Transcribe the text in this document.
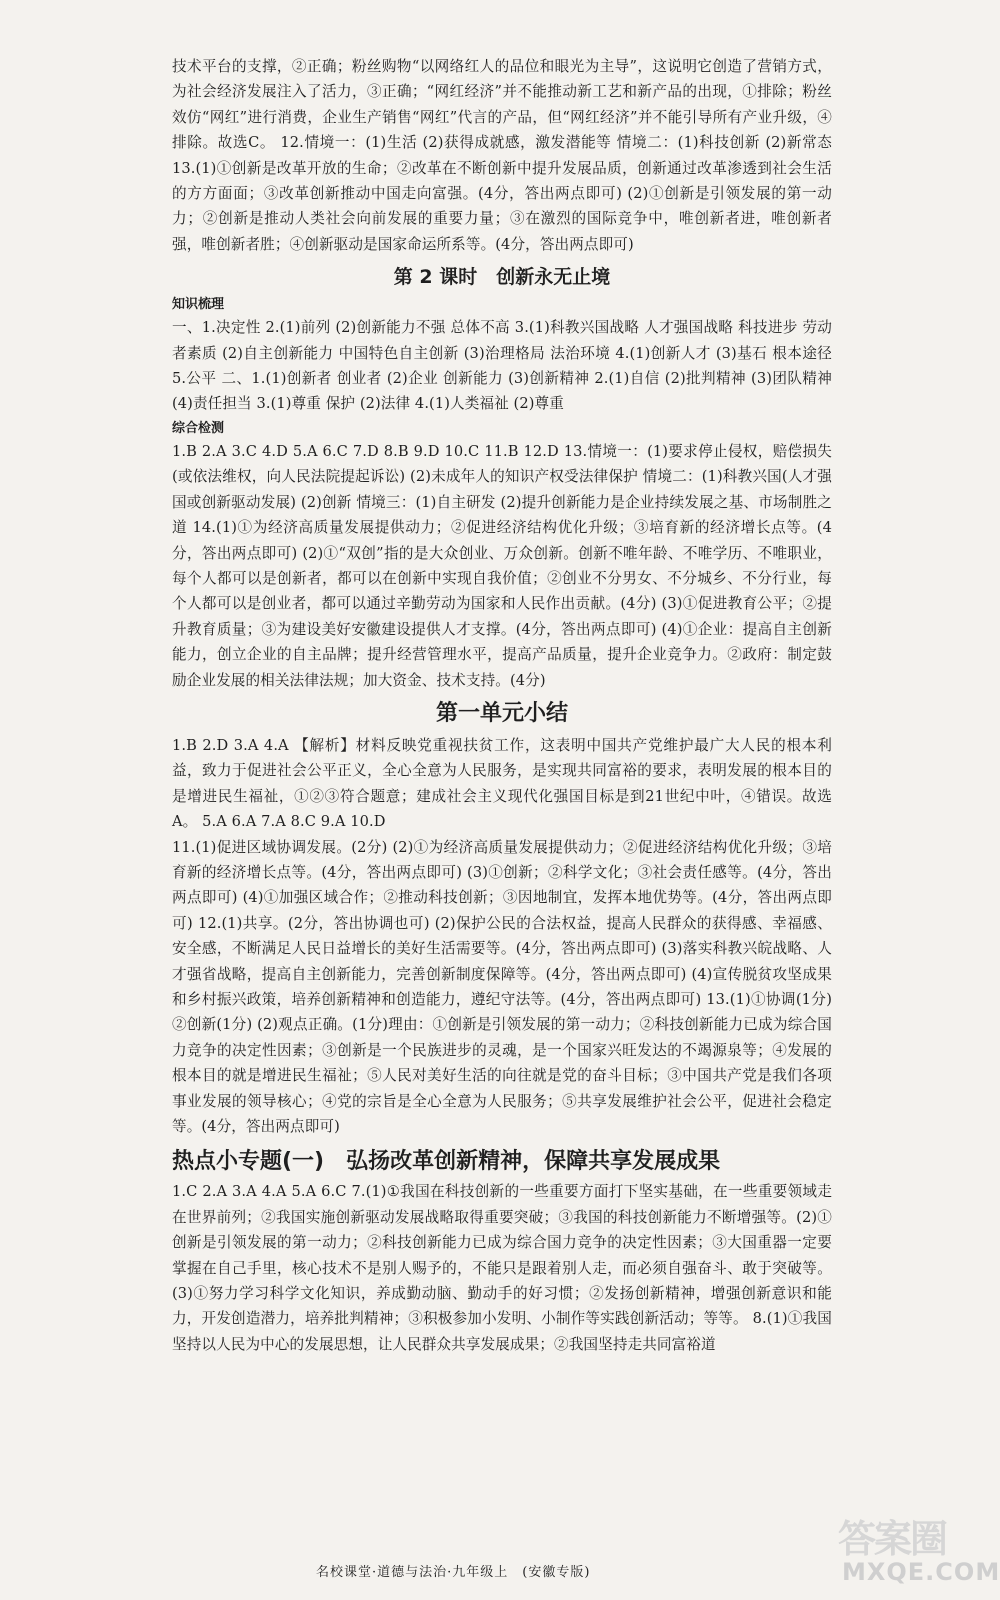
技术平台的支撑，②正确；粉丝购物“以网络红人的品位和眼光为主导”，这说明它创造了营销方式，为社会经济发展注入了活力，③正确；“网红经济”并不能推动新工艺和新产品的出现，①排除；粉丝效仿“网红”进行消费，企业生产销售“网红”代言的产品，但“网红经济”并不能引导所有产业升级，④排除。故选C。 12.情境一：(1)生活 (2)获得成就感，激发潜能等 情境二：(1)科技创新 (2)新常态 13.(1)①创新是改革开放的生命；②改革在不断创新中提升发展品质，创新通过改革渗透到社会生活的方方面面；③改革创新推动中国走向富强。(4分，答出两点即可) (2)①创新是引领发展的第一动力；②创新是推动人类社会向前发展的重要力量；③在激烈的国际竞争中，唯创新者进，唯创新者强，唯创新者胜；④创新驱动是国家命运所系等。(4分，答出两点即可)

第 2 课时　创新永无止境
知识梳理

一、1.决定性 2.(1)前列 (2)创新能力不强 总体不高 3.(1)科教兴国战略 人才强国战略 科技进步 劳动者素质 (2)自主创新能力 中国特色自主创新 (3)治理格局 法治环境 4.(1)创新人才 (3)基石 根本途径 5.公平 二、1.(1)创新者 创业者 (2)企业 创新能力 (3)创新精神 2.(1)自信 (2)批判精神 (3)团队精神 (4)责任担当 3.(1)尊重 保护 (2)法律 4.(1)人类福祉 (2)尊重

综合检测

1.B 2.A 3.C 4.D 5.A 6.C 7.D 8.B 9.D 10.C 11.B 12.D 13.情境一：(1)要求停止侵权，赔偿损失(或依法维权，向人民法院提起诉讼) (2)未成年人的知识产权受法律保护 情境二：(1)科教兴国(人才强国或创新驱动发展) (2)创新 情境三：(1)自主研发 (2)提升创新能力是企业持续发展之基、市场制胜之道 14.(1)①为经济高质量发展提供动力；②促进经济结构优化升级；③培育新的经济增长点等。(4分，答出两点即可) (2)①“双创”指的是大众创业、万众创新。创新不唯年龄、不唯学历、不唯职业，每个人都可以是创新者，都可以在创新中实现自我价值；②创业不分男女、不分城乡、不分行业，每个人都可以是创业者，都可以通过辛勤劳动为国家和人民作出贡献。(4分) (3)①促进教育公平；②提升教育质量；③为建设美好安徽建设提供人才支撑。(4分，答出两点即可) (4)①企业：提高自主创新能力，创立企业的自主品牌；提升经营管理水平，提高产品质量，提升企业竞争力。②政府：制定鼓励企业发展的相关法律法规；加大资金、技术支持。(4分)

第一单元小结

1.B 2.D 3.A 4.A 【解析】材料反映党重视扶贫工作，这表明中国共产党维护最广大人民的根本利益，致力于促进社会公平正义，全心全意为人民服务，是实现共同富裕的要求，表明发展的根本目的是增进民生福祉，①②③符合题意；建成社会主义现代化强国目标是到21世纪中叶，④错误。故选A。 5.A 6.A 7.A 8.C 9.A 10.D

11.(1)促进区域协调发展。(2分) (2)①为经济高质量发展提供动力；②促进经济结构优化升级；③培育新的经济增长点等。(4分，答出两点即可) (3)①创新；②科学文化；③社会责任感等。(4分，答出两点即可) (4)①加强区域合作；②推动科技创新；③因地制宜，发挥本地优势等。(4分，答出两点即可) 12.(1)共享。(2分，答出协调也可) (2)保护公民的合法权益，提高人民群众的获得感、幸福感、安全感，不断满足人民日益增长的美好生活需要等。(4分，答出两点即可) (3)落实科教兴皖战略、人才强省战略，提高自主创新能力，完善创新制度保障等。(4分，答出两点即可) (4)宣传脱贫攻坚成果和乡村振兴政策，培养创新精神和创造能力，遵纪守法等。(4分，答出两点即可) 13.(1)①协调(1分) ②创新(1分) (2)观点正确。(1分)理由：①创新是引领发展的第一动力；②科技创新能力已成为综合国力竞争的决定性因素；③创新是一个民族进步的灵魂，是一个国家兴旺发达的不竭源泉等；④发展的根本目的就是增进民生福祉；⑤人民对美好生活的向往就是党的奋斗目标；③中国共产党是我们各项事业发展的领导核心；④党的宗旨是全心全意为人民服务；⑤共享发展维护社会公平，促进社会稳定等。(4分，答出两点即可)

热点小专题(一)　弘扬改革创新精神，保障共享发展成果

1.C 2.A 3.A 4.A 5.A 6.C 7.(1)①我国在科技创新的一些重要方面打下坚实基础，在一些重要领域走在世界前列；②我国实施创新驱动发展战略取得重要突破；③我国的科技创新能力不断增强等。(2)①创新是引领发展的第一动力；②科技创新能力已成为综合国力竞争的决定性因素；③大国重器一定要掌握在自己手里，核心技术不是别人赐予的，不能只是跟着别人走，而必须自强奋斗、敢于突破等。(3)①努力学习科学文化知识，养成勤动脑、勤动手的好习惯；②发扬创新精神，增强创新意识和能力，开发创造潜力，培养批判精神；③积极参加小发明、小制作等实践创新活动；等等。 8.(1)①我国坚持以人民为中心的发展思想，让人民群众共享发展成果；②我国坚持走共同富裕道

名校课堂·道德与法治·九年级上　(安徽专版)
答案圈
MXQE.COM
